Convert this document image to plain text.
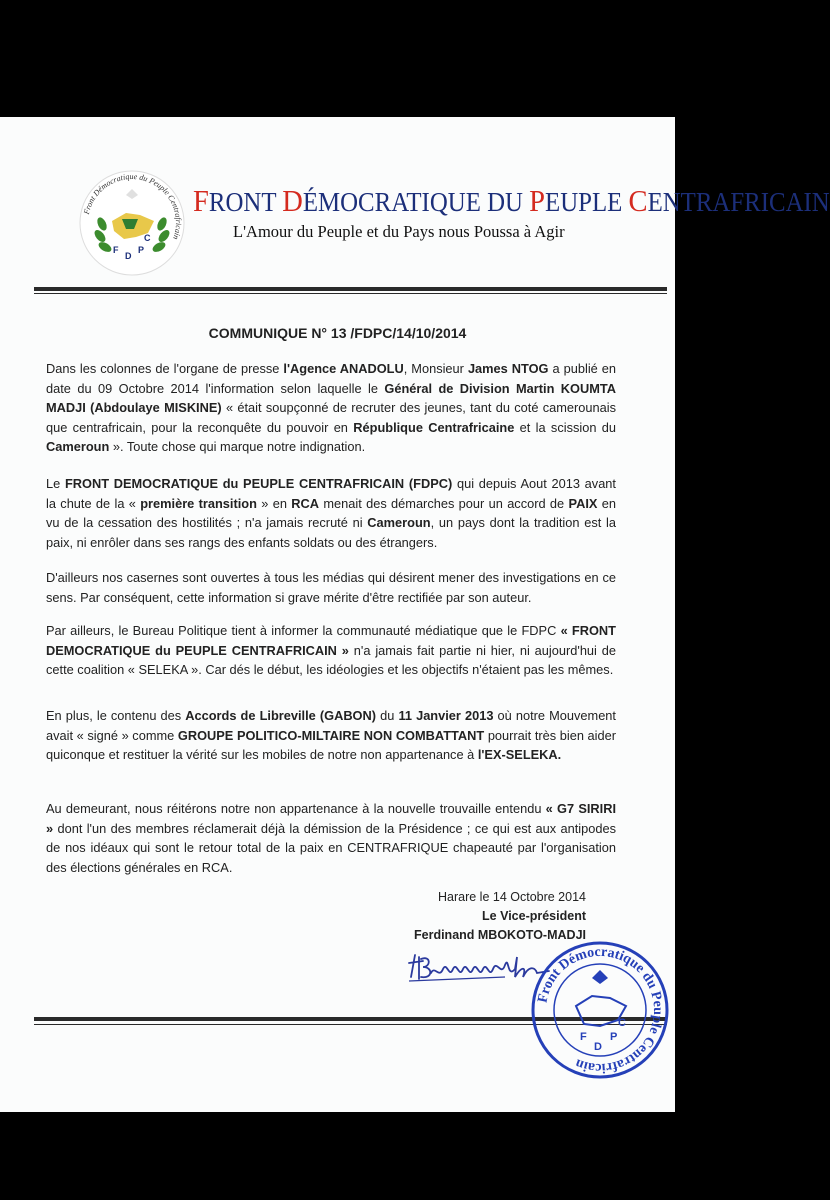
Front Démocratique du Peuple Centrafricain
F
D
P
C
FRONT DÉMOCRATIQUE DU PEUPLE CENTRAFRICAIN
L'Amour du Peuple et du Pays nous Poussa à Agir
COMMUNIQUE N° 13 /FDPC/14/10/2014
Dans les colonnes de l'organe de presse l'Agence ANADOLU, Monsieur James NTOG a publié en date du 09 Octobre 2014 l'information selon laquelle le Général de Division Martin KOUMTA MADJI (Abdoulaye MISKINE) « était soupçonné de recruter des jeunes, tant du coté camerounais que centrafricain, pour la reconquête du pouvoir en République Centrafricaine et la scission du Cameroun ». Toute chose qui marque notre indignation.
Le FRONT DEMOCRATIQUE du PEUPLE CENTRAFRICAIN (FDPC) qui depuis Aout 2013 avant la chute de la « première transition » en RCA menait des démarches pour un accord de PAIX en vu de la cessation des hostilités ; n'a jamais recruté ni Cameroun, un pays dont la tradition est la paix, ni enrôler dans ses rangs des enfants soldats ou des étrangers.
D'ailleurs nos casernes sont ouvertes à tous les médias qui désirent mener des investigations en ce sens. Par conséquent, cette information si grave mérite d'être rectifiée par son auteur.
Par ailleurs, le Bureau Politique tient à informer la communauté médiatique que le FDPC « FRONT DEMOCRATIQUE du PEUPLE CENTRAFRICAIN » n'a jamais fait partie ni hier, ni aujourd'hui de cette coalition « SELEKA ». Car dés le début, les idéologies et les objectifs n'étaient pas les mêmes.
En plus, le contenu des Accords de Libreville (GABON) du 11 Janvier 2013 où notre Mouvement avait « signé » comme GROUPE POLITICO-MILTAIRE NON COMBATTANT pourrait très bien aider quiconque et restituer la vérité sur les mobiles de notre non appartenance à l'EX-SELEKA.
Au demeurant, nous réitérons notre non appartenance à la nouvelle trouvaille entendu « G7 SIRIRI » dont l'un des membres réclamerait déjà la démission de la Présidence ; ce qui est aux antipodes de nos idéaux qui sont le retour total de la paix en CENTRAFRIQUE chapeauté par l'organisation des élections générales en RCA.
Harare le 14 Octobre 2014
Le Vice-président
Ferdinand MBOKOTO-MADJI
Front Démocratique du Peuple Centrafricain
F
D
P
C
